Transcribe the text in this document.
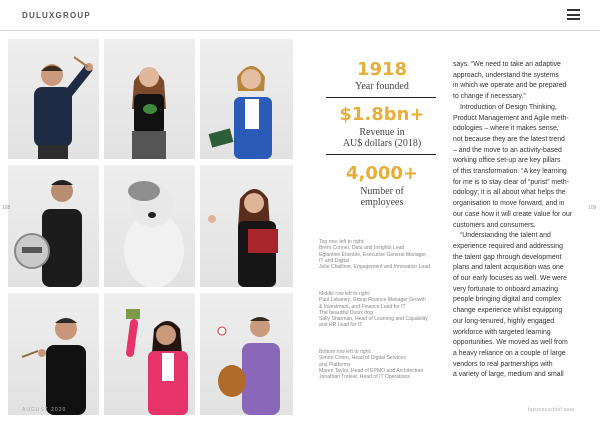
DULUXGROUP
1918
Year founded
$1.8bn+
Revenue in
AU$ dollars (2018)
4,000+
Number of
employees
Top row, left to right:
Brent Conner, Data and Insights Lead
Eglantine Etienble, Executive General Manager,
IT and Digital
Julie Challinor, Engagement and Innovation Lead
Middle row left to right:
Paul Lebaney, Group Finance Manager Growth
& Investment, and Finance Lead for IT
The beautiful Dulux dog
Sally Sharman, Head of Learning and Capability,
and HR Lead for IT
Bottom row left to right:
Simon Creen, Head of Digital Services
and Platforms
Maren Taylor, Head of EPMO and Architecture
Jonathan Trelear, Head of IT Operations

says. “We need to take an adaptive
approach, understand the systems
in which we operate and be prepared
to change if necessary.”

Introduction of Design Thinking,
Product Management and Agile meth-
odologies – where it makes sense,
not because they are the latest trend
– and the move to an activity-based
working office set-up are key pillars
of this transformation. “A key learning
for me is to stay clear of “purist” meth-
odology; it is all about what helps the
organisation to move forward, and in
our case how it will create value for our
customers and consumers.

“Understanding the talent and
experience required and addressing
the talent gap through development
plans and talent acquisition was one
of our early focuses as well. We were
very fortunate to onboard amazing
people bringing digital and complex
change experience whilst equipping
our long-tenured, highly engaged
workforce with targeted learning
opportunities. We moved as well from
a heavy reliance on a couple of large
vendors to real partnerships with
a variety of large, medium and small

108	109
AUGUST 2020	businesschief.asia
